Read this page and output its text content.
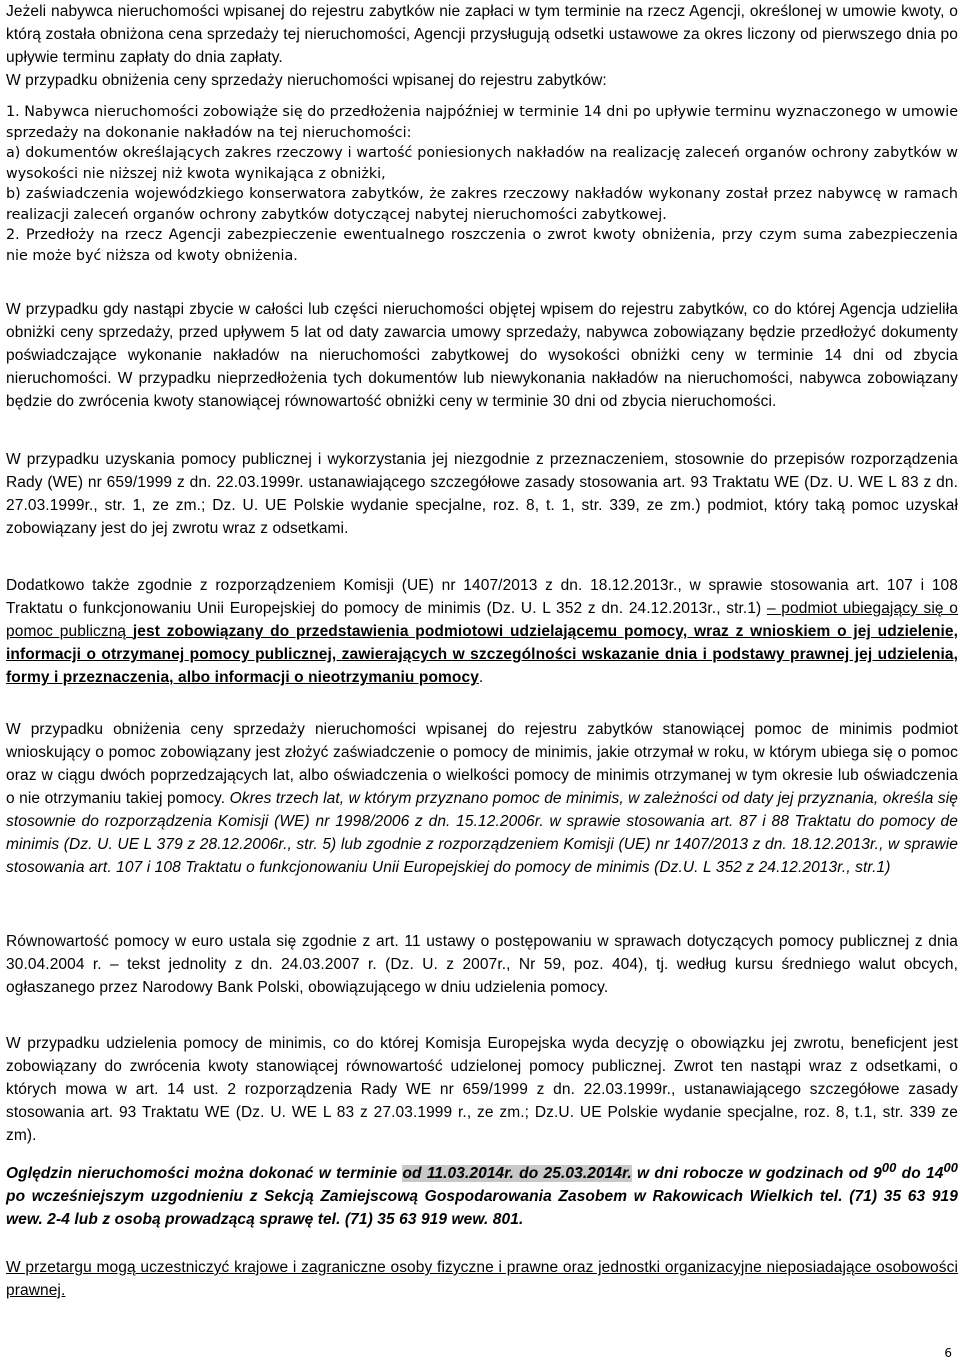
Jeżeli nabywca nieruchomości wpisanej do rejestru zabytków nie zapłaci w tym terminie na rzecz Agencji, określonej w umowie kwoty, o którą została obniżona cena sprzedaży tej nieruchomości, Agencji przysługują odsetki ustawowe za okres liczony od pierwszego dnia po upływie terminu zapłaty do dnia zapłaty.

W przypadku obniżenia ceny sprzedaży nieruchomości wpisanej do rejestru zabytków:

1. Nabywca nieruchomości zobowiąże się do przedłożenia najpóźniej w terminie 14 dni po upływie terminu wyznaczonego w umowie sprzedaży na dokonanie nakładów na tej nieruchomości:
a) dokumentów określających zakres rzeczowy i wartość poniesionych nakładów na realizację zaleceń organów ochrony zabytków w wysokości nie niższej niż kwota wynikająca z obniżki,
b) zaświadczenia wojewódzkiego konserwatora zabytków, że zakres rzeczowy nakładów wykonany został przez nabywcę w ramach realizacji zaleceń organów ochrony zabytków dotyczącej nabytej nieruchomości zabytkowej.
2. Przedłoży na rzecz Agencji zabezpieczenie ewentualnego roszczenia o zwrot kwoty obniżenia, przy czym suma zabezpieczenia nie może być niższa od kwoty obniżenia.

W przypadku gdy nastąpi zbycie w całości lub części nieruchomości objętej wpisem do rejestru zabytków, co do której Agencja udzieliła obniżki ceny sprzedaży, przed upływem 5 lat od daty zawarcia umowy sprzedaży, nabywca zobowiązany będzie przedłożyć dokumenty poświadczające wykonanie nakładów na nieruchomości zabytkowej do wysokości obniżki ceny w terminie 14 dni od zbycia nieruchomości. W przypadku nieprzedłożenia tych dokumentów lub niewykonania nakładów na nieruchomości, nabywca zobowiązany będzie do zwrócenia kwoty stanowiącej równowartość obniżki ceny w terminie 30 dni od zbycia nieruchomości.

W przypadku uzyskania pomocy publicznej i wykorzystania jej niezgodnie z przeznaczeniem, stosownie do przepisów rozporządzenia Rady (WE) nr 659/1999 z dn. 22.03.1999r. ustanawiającego szczegółowe zasady stosowania art. 93 Traktatu WE (Dz. U. WE L 83 z dn. 27.03.1999r., str. 1, ze zm.; Dz. U. UE Polskie wydanie specjalne, roz. 8, t. 1, str. 339, ze zm.) podmiot, który taką pomoc uzyskał zobowiązany jest do jej zwrotu wraz z odsetkami.

Dodatkowo także zgodnie z rozporządzeniem Komisji (UE) nr 1407/2013 z dn. 18.12.2013r., w sprawie stosowania art. 107 i 108 Traktatu o funkcjonowaniu Unii Europejskiej do pomocy de minimis (Dz. U. L 352 z dn. 24.12.2013r., str.1) – podmiot ubiegający się o pomoc publiczną jest zobowiązany do przedstawienia podmiotowi udzielającemu pomocy, wraz z wnioskiem o jej udzielenie, informacji o otrzymanej pomocy publicznej, zawierających w szczególności wskazanie dnia i podstawy prawnej jej udzielenia, formy i przeznaczenia, albo informacji o nieotrzymaniu pomocy.

W przypadku obniżenia ceny sprzedaży nieruchomości wpisanej do rejestru zabytków stanowiącej pomoc de minimis podmiot wnioskujący o pomoc zobowiązany jest złożyć zaświadczenie o pomocy de minimis, jakie otrzymał w roku, w którym ubiega się o pomoc oraz w ciągu dwóch poprzedzających lat, albo oświadczenia o wielkości pomocy de minimis otrzymanej w tym okresie lub oświadczenia o nie otrzymaniu takiej pomocy. Okres trzech lat, w którym przyznano pomoc de minimis, w zależności od daty jej przyznania, określa się stosownie do rozporządzenia Komisji (WE) nr 1998/2006 z dn. 15.12.2006r. w sprawie stosowania art. 87 i 88 Traktatu do pomocy de minimis (Dz. U. UE L 379 z 28.12.2006r., str. 5) lub zgodnie z rozporządzeniem Komisji (UE) nr 1407/2013 z dn. 18.12.2013r., w sprawie stosowania art. 107 i 108 Traktatu o funkcjonowaniu Unii Europejskiej do pomocy de minimis (Dz.U. L 352 z 24.12.2013r., str.1)

Równowartość pomocy w euro ustala się zgodnie z art. 11 ustawy o postępowaniu w sprawach dotyczących pomocy publicznej z dnia 30.04.2004 r. – tekst jednolity z dn. 24.03.2007 r. (Dz. U. z 2007r., Nr 59, poz. 404), tj. według kursu średniego walut obcych, ogłaszanego przez Narodowy Bank Polski, obowiązującego w dniu udzielenia pomocy.

W przypadku udzielenia pomocy de minimis, co do której Komisja Europejska wyda decyzję o obowiązku jej zwrotu, beneficjent jest zobowiązany do zwrócenia kwoty stanowiącej równowartość udzielonej pomocy publicznej. Zwrot ten nastąpi wraz z odsetkami, o których mowa w art. 14 ust. 2 rozporządzenia Rady WE nr 659/1999 z dn. 22.03.1999r., ustanawiającego szczegółowe zasady stosowania art. 93 Traktatu WE (Dz. U. WE L 83 z 27.03.1999 r., ze zm.; Dz.U. UE Polskie wydanie specjalne, roz. 8, t.1, str. 339 ze zm).

Oględzin nieruchomości można dokonać w terminie od 11.03.2014r. do 25.03.2014r. w dni robocze w godzinach od $9^{00}$ do $14^{00}$ po wcześniejszym uzgodnieniu z Sekcją Zamiejscową Gospodarowania Zasobem w Rakowicach Wielkich tel. (71) 35 63 919 wew. 2-4 lub z osobą prowadzącą sprawę tel. (71) 35 63 919 wew. 801.

W przetargu mogą uczestniczyć krajowe i zagraniczne osoby fizyczne i prawne oraz jednostki organizacyjne nieposiadające osobowości prawnej.

6
